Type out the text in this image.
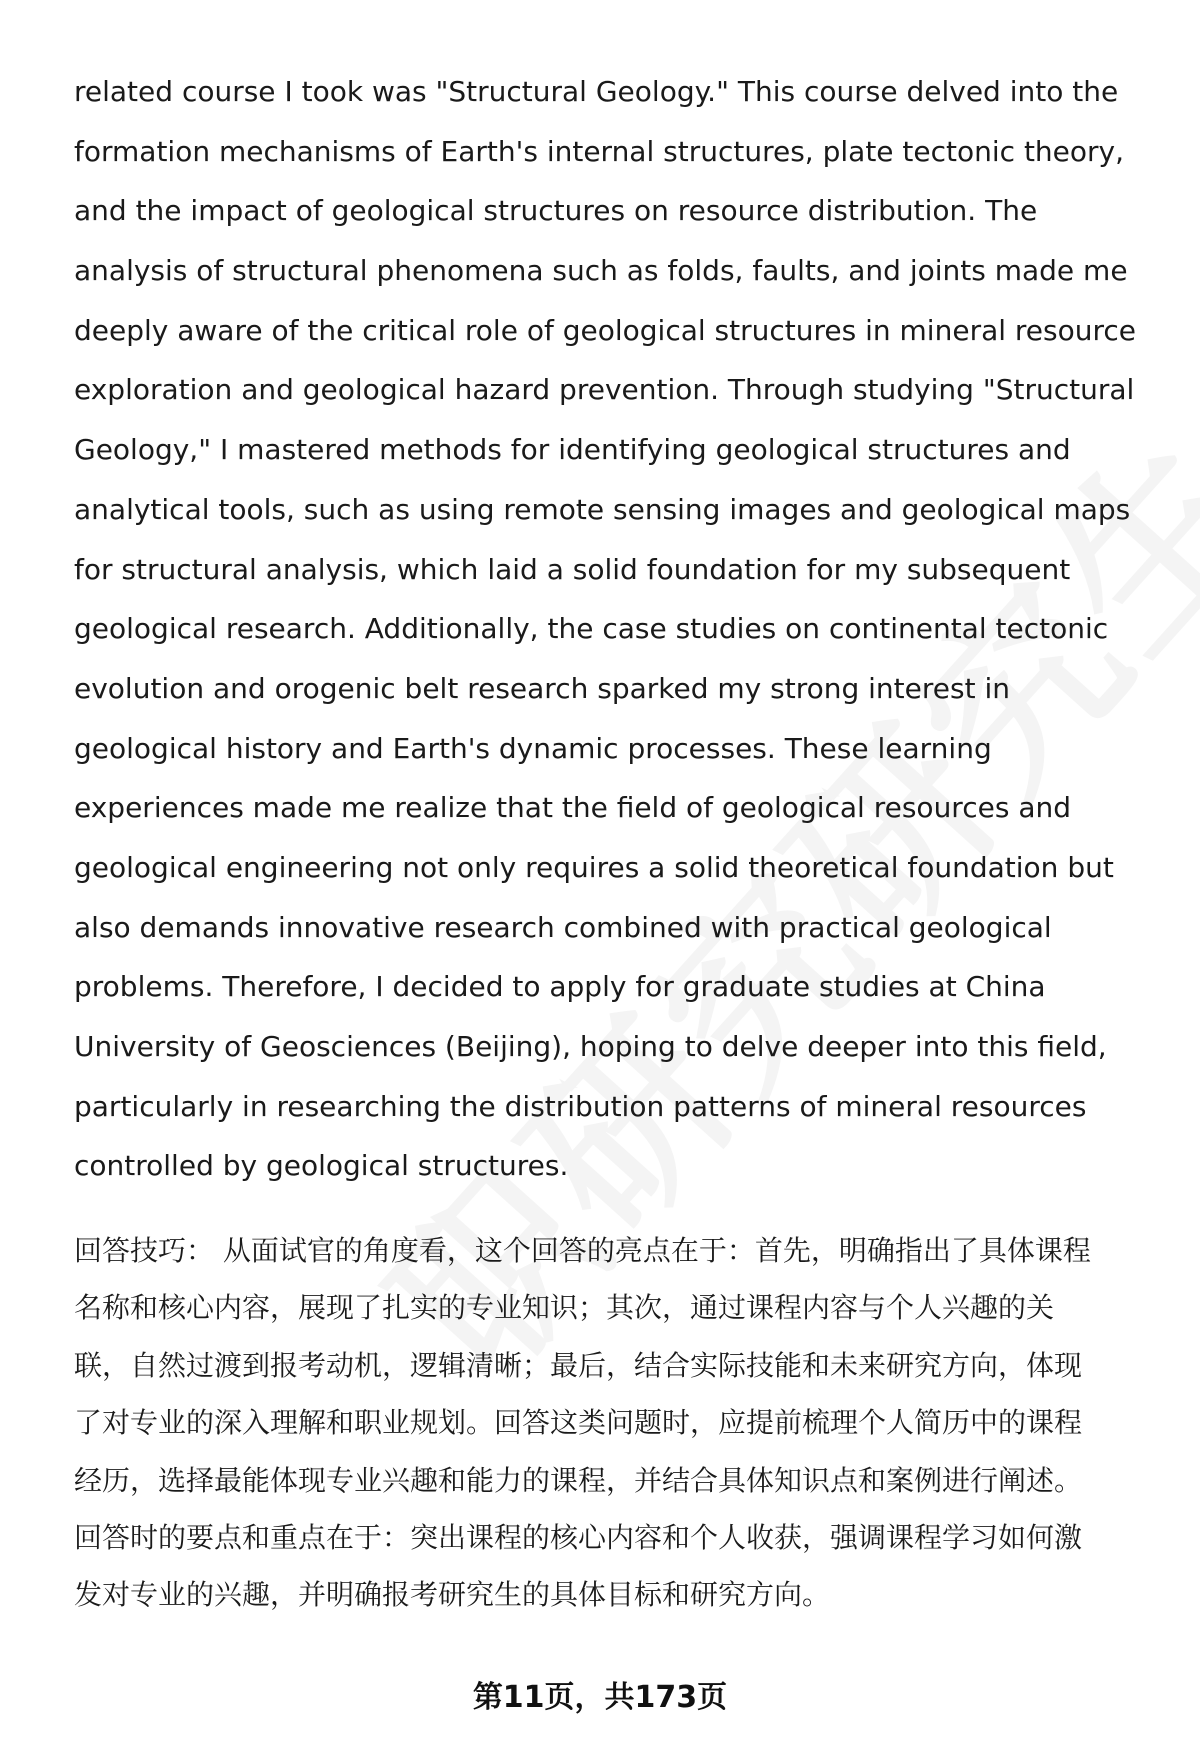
related course I took was "Structural Geology." This course delved into the
formation mechanisms of Earth's internal structures, plate tectonic theory,
and the impact of geological structures on resource distribution. The
analysis of structural phenomena such as folds, faults, and joints made me
deeply aware of the critical role of geological structures in mineral resource
exploration and geological hazard prevention. Through studying "Structural
Geology," I mastered methods for identifying geological structures and
analytical tools, such as using remote sensing images and geological maps
for structural analysis, which laid a solid foundation for my subsequent
geological research. Additionally, the case studies on continental tectonic
evolution and orogenic belt research sparked my strong interest in
geological history and Earth's dynamic processes. These learning
experiences made me realize that the field of geological resources and
geological engineering not only requires a solid theoretical foundation but
also demands innovative research combined with practical geological
problems. Therefore, I decided to apply for graduate studies at China
University of Geosciences (Beijing), hoping to delve deeper into this field,
particularly in researching the distribution patterns of mineral resources
controlled by geological structures.
回答技巧： 从面试官的角度看，这个回答的亮点在于：首先，明确指出了具体课程
名称和核心内容，展现了扎实的专业知识；其次，通过课程内容与个人兴趣的关
联，自然过渡到报考动机，逻辑清晰；最后，结合实际技能和未来研究方向，体现
了对专业的深入理解和职业规划。回答这类问题时，应提前梳理个人简历中的课程
经历，选择最能体现专业兴趣和能力的课程，并结合具体知识点和案例进行阐述。
回答时的要点和重点在于：突出课程的核心内容和个人收获，强调课程学习如何激
发对专业的兴趣，并明确报考研究生的具体目标和研究方向。
第11页，共173页
